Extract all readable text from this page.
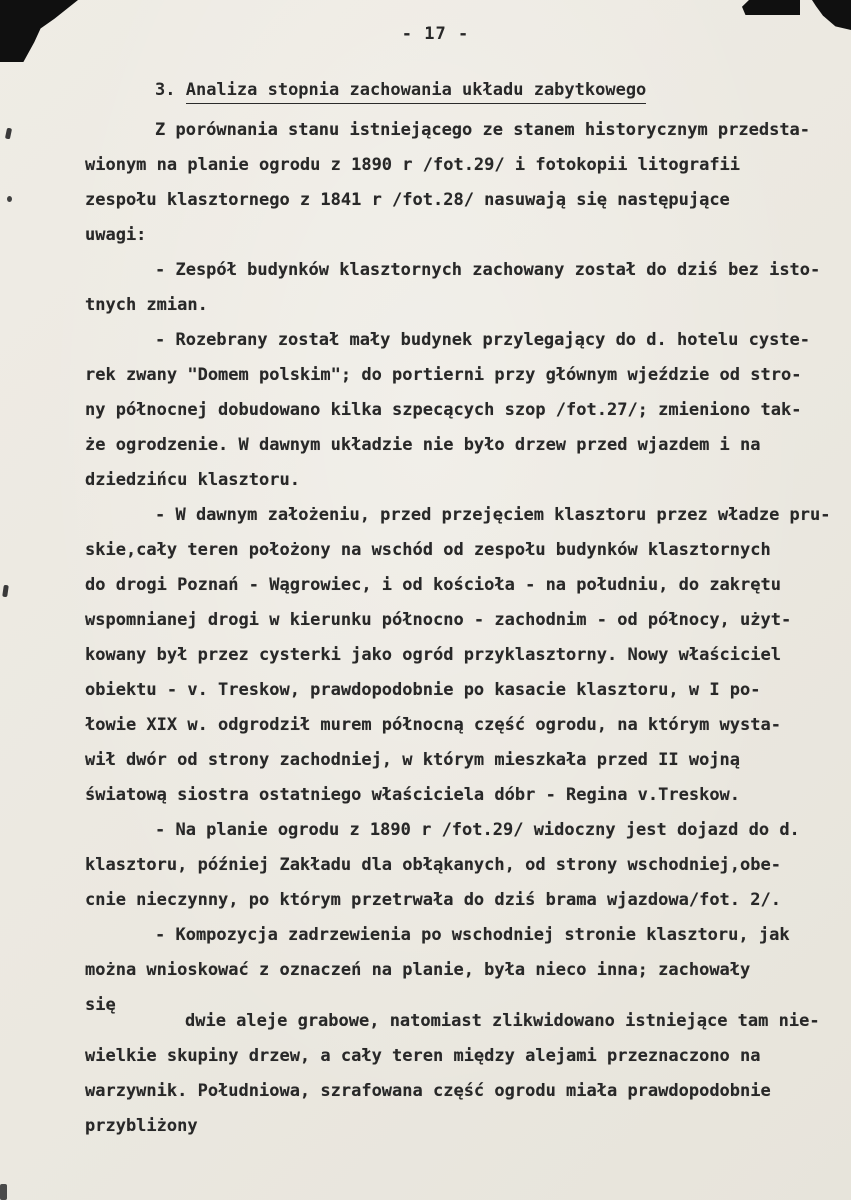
- 17 -
3. Analiza stopnia zachowania układu zabytkowego
Z porównania stanu istniejącego ze stanem historycznym przedsta-
wionym na planie ogrodu z 1890 r /fot.29/ i fotokopii litografii
zespołu klasztornego z 1841 r /fot.28/ nasuwają się następujące
uwagi:
- Zespół budynków klasztornych zachowany został do dziś bez isto-
tnych zmian.
- Rozebrany został mały budynek przylegający do d. hotelu cyste-
rek zwany "Domem polskim"; do portierni przy głównym wjeździe od stro-
ny północnej dobudowano kilka szpecących szop /fot.27/; zmieniono tak-
że ogrodzenie. W dawnym układzie nie było drzew przed wjazdem i na
dziedzińcu klasztoru.
- W dawnym założeniu, przed przejęciem klasztoru przez władze pru-
skie,cały teren położony na wschód od zespołu budynków klasztornych
do drogi Poznań - Wągrowiec, i od kościoła - na południu, do zakrętu
wspomnianej drogi w kierunku północno - zachodnim - od północy, użyt-
kowany był przez cysterki jako ogród przyklasztorny. Nowy właściciel
obiektu - v. Treskow, prawdopodobnie po kasacie klasztoru, w I po-
łowie XIX w. odgrodził murem północną część ogrodu, na którym wysta-
wił dwór od strony zachodniej, w którym mieszkała przed II wojną
światową siostra ostatniego właściciela dóbr - Regina v.Treskow.
- Na planie ogrodu z 1890 r /fot.29/ widoczny jest dojazd do d.
klasztoru, później Zakładu dla obłąkanych, od strony wschodniej,obe-
cnie nieczynny, po którym przetrwała do dziś brama wjazdowa/fot. 2/.
- Kompozycja zadrzewienia po wschodniej stronie klasztoru, jak
można wnioskować z oznaczeń na planie, była nieco inna; zachowały
się
dwie aleje grabowe, natomiast zlikwidowano istniejące tam nie-
wielkie skupiny drzew, a cały teren między alejami przeznaczono na
warzywnik. Południowa, szrafowana część ogrodu miała prawdopodobnie
przybliżony
